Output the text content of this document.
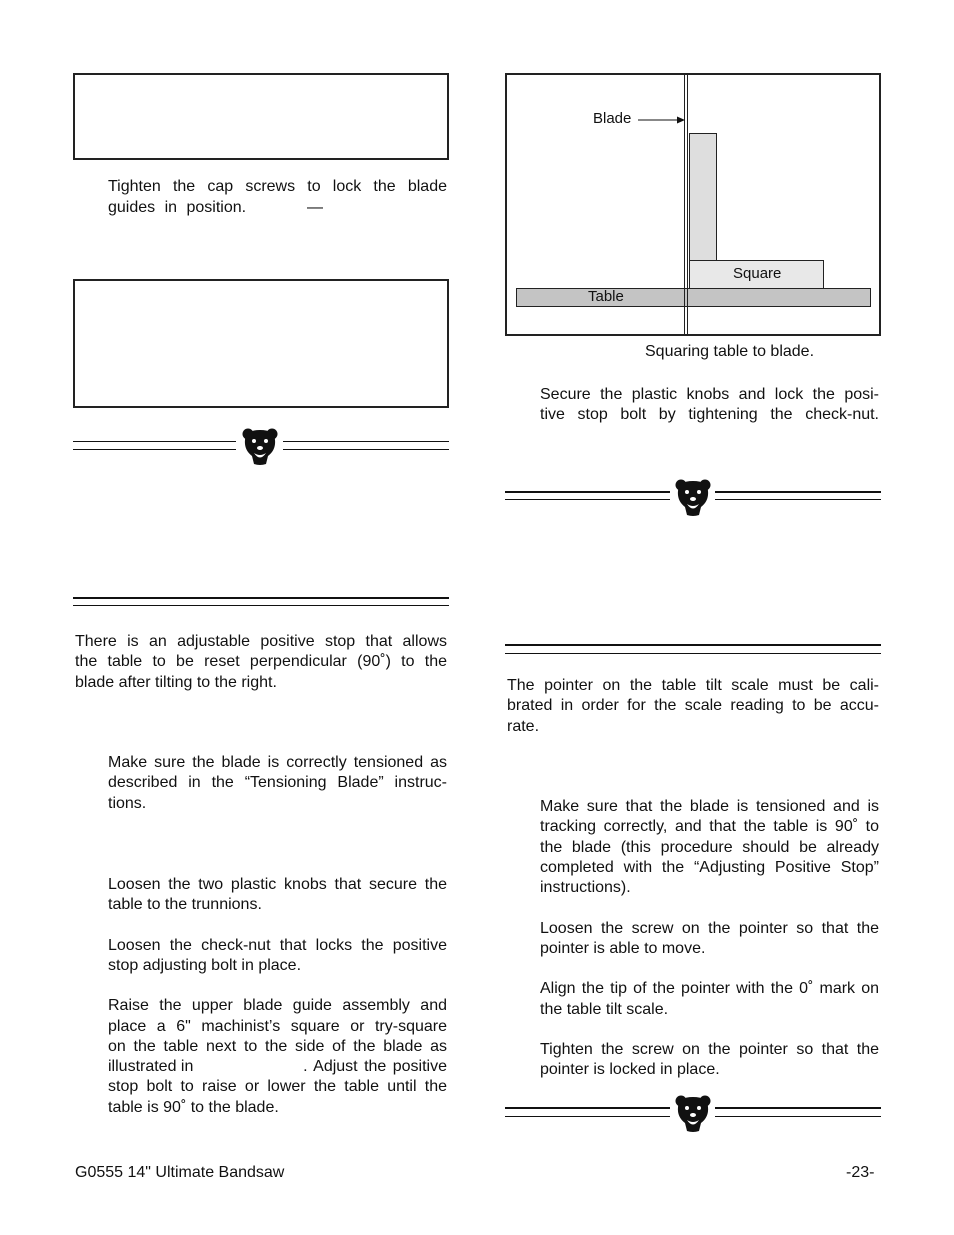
Tighten the cap screws to lock the blade
guides in position.	—
There is an adjustable positive stop that allows
the table to be reset perpendicular (90˚) to the
blade after tilting to the right.
Make sure the blade is correctly tensioned as
described in the “Tensioning Blade” instruc-
tions.
Loosen the two plastic knobs that secure the
table to the trunnions.
Loosen the check-nut that locks the positive
stop adjusting bolt in place.
Raise the upper blade guide assembly and
place a 6" machinist’s square or try-square
on the table next to the side of the blade as
illustrated in	. Adjust the positive
stop bolt to raise or lower the table until the
table is 90˚ to the blade.
Square
Table
Blade
Squaring table to blade.
Secure the plastic knobs and lock the posi-
tive stop bolt by tightening the check-nut.
The pointer on the table tilt scale must be cali-
brated in order for the scale reading to be accu-
rate.
Make sure that the blade is tensioned and is
tracking correctly, and that the table is 90˚ to
the blade (this procedure should be already
completed with the “Adjusting Positive Stop”
instructions).
Loosen the screw on the pointer so that the
pointer is able to move.
Align the tip of the pointer with the 0˚ mark on
the table tilt scale.
Tighten the screw on the pointer so that the
pointer is locked in place.
G0555 14" Ultimate Bandsaw	-23-
